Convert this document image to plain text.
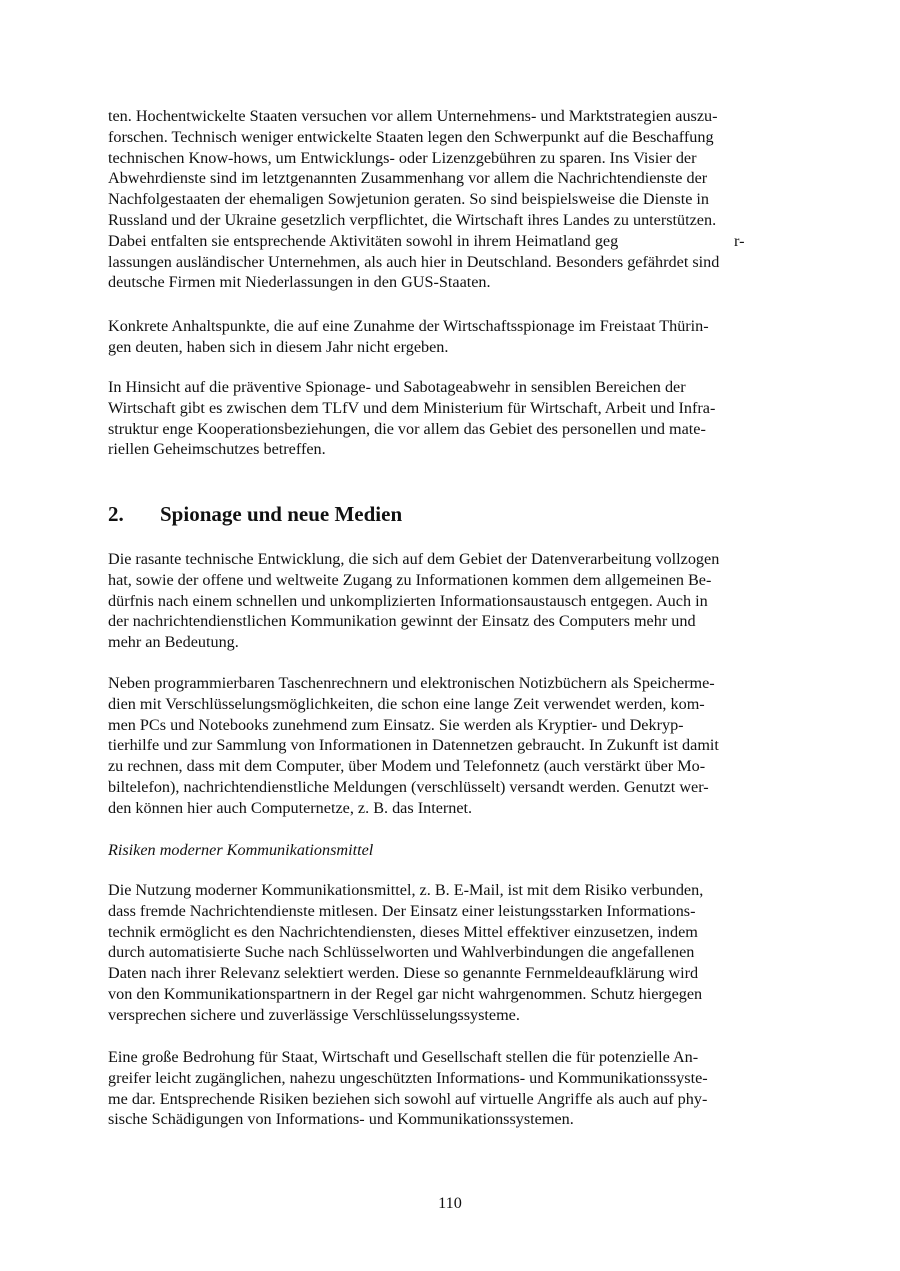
ten. Hochentwickelte Staaten versuchen vor allem Unternehmens- und Marktstrategien auszu-
forschen. Technisch weniger entwickelte Staaten legen den Schwerpunkt auf die Beschaffung
technischen Know-hows, um Entwicklungs- oder Lizenzgebühren zu sparen. Ins Visier der
Abwehrdienste sind im letztgenannten Zusammenhang vor allem die Nachrichtendienste der
Nachfolgestaaten der ehemaligen Sowjetunion geraten. So sind beispielsweise die Dienste in
Russland und der Ukraine gesetzlich verpflichtet, die Wirtschaft ihres Landes zu unterstützen.
Dabei entfalten sie entsprechende Aktivitäten sowohl in ihrem Heimatland geg	r-
lassungen ausländischer Unternehmen, als auch hier in Deutschland. Besonders gefährdet sind
deutsche Firmen mit Niederlassungen in den GUS-Staaten.
Konkrete Anhaltspunkte, die auf eine Zunahme der Wirtschaftsspionage im Freistaat Thürin-
gen deuten, haben sich in diesem Jahr nicht ergeben.
In Hinsicht auf die präventive Spionage- und Sabotageabwehr in sensiblen Bereichen der
Wirtschaft gibt es zwischen dem TLfV und dem Ministerium für Wirtschaft, Arbeit und Infra-
struktur enge Kooperationsbeziehungen, die vor allem das Gebiet des personellen und mate-
riellen Geheimschutzes betreffen.
2. Spionage und neue Medien
Die rasante technische Entwicklung, die sich auf dem Gebiet der Datenverarbeitung vollzogen
hat, sowie der offene und weltweite Zugang zu Informationen kommen dem allgemeinen Be-
dürfnis nach einem schnellen und unkomplizierten Informationsaustausch entgegen. Auch in
der nachrichtendienstlichen Kommunikation gewinnt der Einsatz des Computers mehr und
mehr an Bedeutung.
Neben programmierbaren Taschenrechnern und elektronischen Notizbüchern als Speicherme-
dien mit Verschlüsselungsmöglichkeiten, die schon eine lange Zeit verwendet werden, kom-
men PCs und Notebooks zunehmend zum Einsatz. Sie werden als Kryptier- und Dekryp-
tierhilfe und zur Sammlung von Informationen in Datennetzen gebraucht. In Zukunft ist damit
zu rechnen, dass mit dem Computer, über Modem und Telefonnetz (auch verstärkt über Mo-
biltelefon), nachrichtendienstliche Meldungen (verschlüsselt) versandt werden. Genutzt wer-
den können hier auch Computernetze, z. B. das Internet.
Risiken moderner Kommunikationsmittel
Die Nutzung moderner Kommunikationsmittel, z. B. E-Mail, ist mit dem Risiko verbunden,
dass fremde Nachrichtendienste mitlesen. Der Einsatz einer leistungsstarken Informations-
technik ermöglicht es den Nachrichtendiensten, dieses Mittel effektiver einzusetzen, indem
durch automatisierte Suche nach Schlüsselworten und Wahlverbindungen die angefallenen
Daten nach ihrer Relevanz selektiert werden. Diese so genannte Fernmeldeaufklärung wird
von den Kommunikationspartnern in der Regel gar nicht wahrgenommen. Schutz hiergegen
versprechen sichere und zuverlässige Verschlüsselungssysteme.
Eine große Bedrohung für Staat, Wirtschaft und Gesellschaft stellen die für potenzielle An-
greifer leicht zugänglichen, nahezu ungeschützten Informations- und Kommunikationssyste-
me dar. Entsprechende Risiken beziehen sich sowohl auf virtuelle Angriffe als auch auf phy-
sische Schädigungen von Informations- und Kommunikationssystemen.
110
